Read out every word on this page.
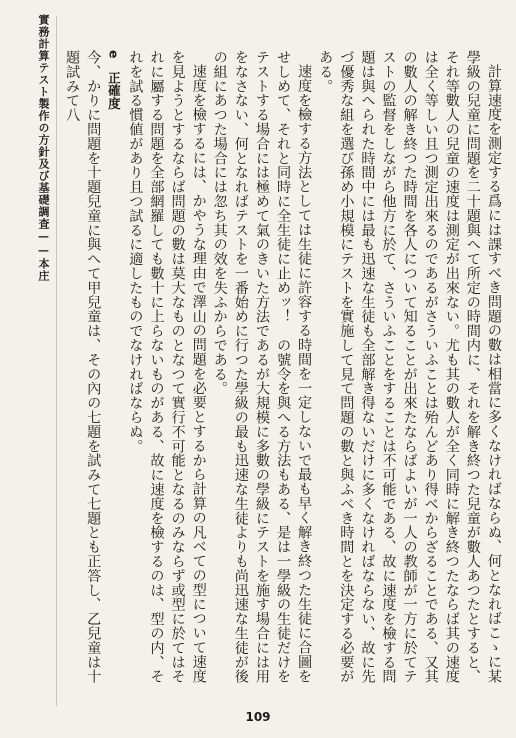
實務計算テスト製作の方針及び基礎調査——本庄	計算速度を測定する爲には課すべき問題の數は相當に多くなければならぬ、何となればこゝに某學級の兒童に問題を二十題與へて所定の時間内に、それを解き終つた兒童が數人あつたとすると、それ等數人の兒童の速度は測定が出來ない。尤も其の數人が全く同時に解き終つたならば其の速度は全く等しい且つ測定出來るのであるがさういふことは殆んどあり得べからざることである、又其の數人の解き終つた時間を各人について知ることが出來たならばよいが一人の教師が一方に於てテストの監督をしながら他方に於て、さういふことをすることは不可能である、故に速度を檢する問題は與へられた時間中には最も迅速な生徒も全部解き得ないだけに多くなければならない、故に先づ優秀な組を選び孫め小規模にテストを實施して見て問題の數と與ふべき時間とを決定する必要がある。

速度を檢する方法としては生徒に許容する時間を一定しないで最も早く解き終つた生徒に合圖をせしめて、それと同時に全生徒に止めッ！　の號令を與へる方法もある、是は一學級の生徒だけをテストする場合には極めて氣のきいた方法であるが大規模に多數の學級にテストを施す場合には用をなさない、何となればテストを一番始めに行つた學級の最も迅速な生徒よりも尚迅速な生徒が後の組にあつた場合には忽ち其の效を失ふからである。

速度を檢するには、かやうな理由で澤山の問題を必要とするから計算の凡べての型について速度を見ようとするならば問題の數は莫大なものとなつて實行不可能となるのみならず或型に於てはそれに屬する問題を全部網羅しても數十に上らないものがある、故に速度を檢するのは、型の内、それを試る慣値があり且つ試るに適したものでなければならぬ。

e　正確度

今、かりに問題を十題兒童に與へて甲兒童は、その內の七題を試みて七題とも正答し、乙兒童は十題試みて八

109
